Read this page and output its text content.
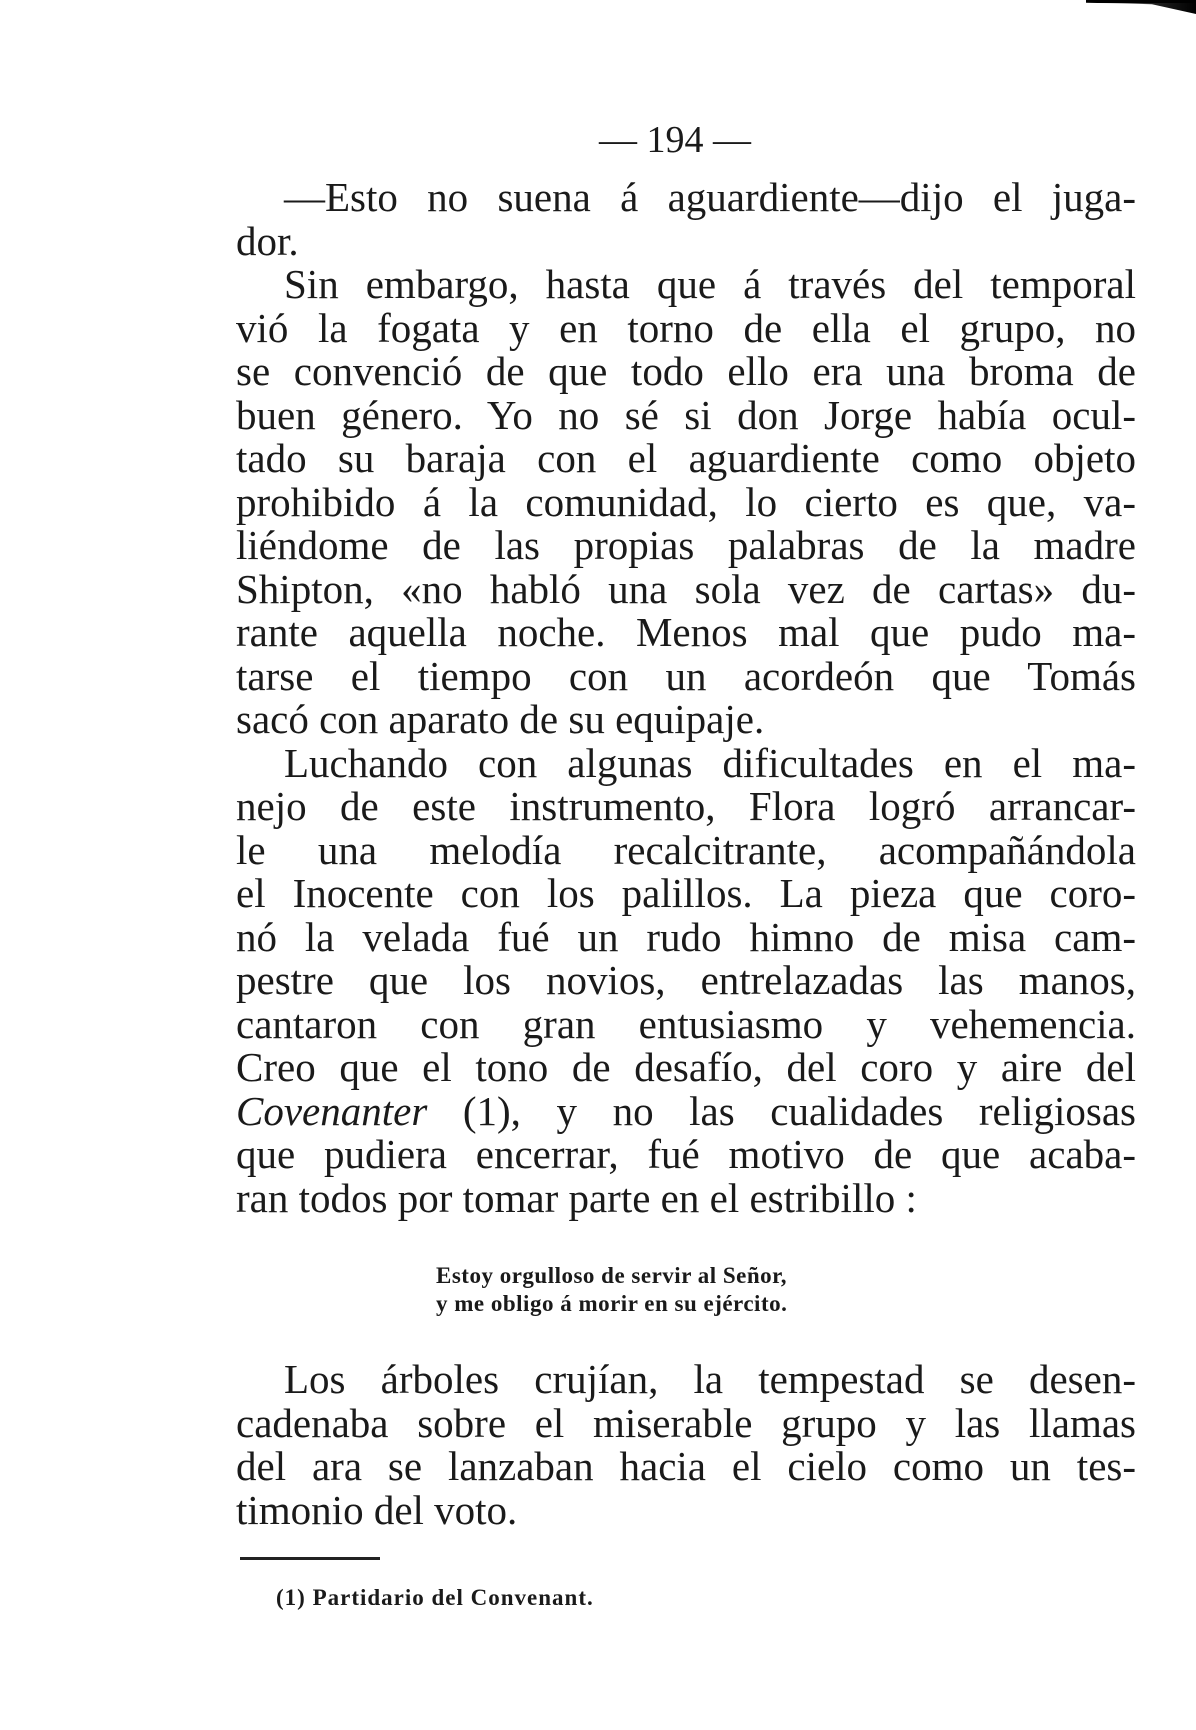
— 194 —
—Esto no suena á aguardiente—dijo el juga-
dor.
Sin embargo, hasta que á través del temporal
vió la fogata y en torno de ella el grupo, no
se convenció de que todo ello era una broma de
buen género. Yo no sé si don Jorge había ocul-
tado su baraja con el aguardiente como objeto
prohibido á la comunidad, lo cierto es que, va-
liéndome de las propias palabras de la madre
Shipton, «no habló una sola vez de cartas» du-
rante aquella noche. Menos mal que pudo ma-
tarse el tiempo con un acordeón que Tomás
sacó con aparato de su equipaje.
Luchando con algunas dificultades en el ma-
nejo de este instrumento, Flora logró arrancar-
le una melodía recalcitrante, acompañándola
el Inocente con los palillos. La pieza que coro-
nó la velada fué un rudo himno de misa cam-
pestre que los novios, entrelazadas las manos,
cantaron con gran entusiasmo y vehemencia.
Creo que el tono de desafío, del coro y aire del
Covenanter (1), y no las cualidades religiosas
que pudiera encerrar, fué motivo de que acaba-
ran todos por tomar parte en el estribillo :
Estoy orgulloso de servir al Señor,
y me obligo á morir en su ejército.
Los árboles crujían, la tempestad se desen-
cadenaba sobre el miserable grupo y las llamas
del ara se lanzaban hacia el cielo como un tes-
timonio del voto.
(1) Partidario del Convenant.
